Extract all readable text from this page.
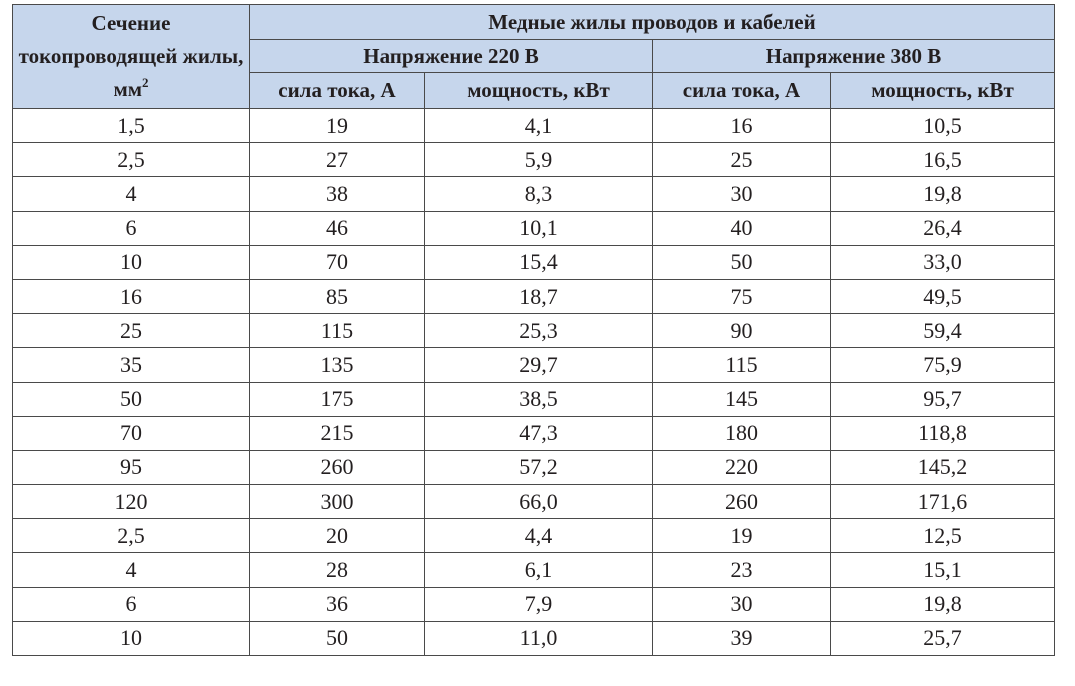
Сечение токопроводящей жилы, $мм^2$	Медные жилы проводов и кабелей			
	Напряжение 220 В		Напряжение 380 В	
	сила тока, А	мощность, кВт	сила тока, А	мощность, кВт
1,5	19	4,1	16	10,5
2,5	27	5,9	25	16,5
4	38	8,3	30	19,8
6	46	10,1	40	26,4
10	70	15,4	50	33,0
16	85	18,7	75	49,5
25	115	25,3	90	59,4
35	135	29,7	115	75,9
50	175	38,5	145	95,7
70	215	47,3	180	118,8
95	260	57,2	220	145,2
120	300	66,0	260	171,6
2,5	20	4,4	19	12,5
4	28	6,1	23	15,1
6	36	7,9	30	19,8
10	50	11,0	39	25,7
